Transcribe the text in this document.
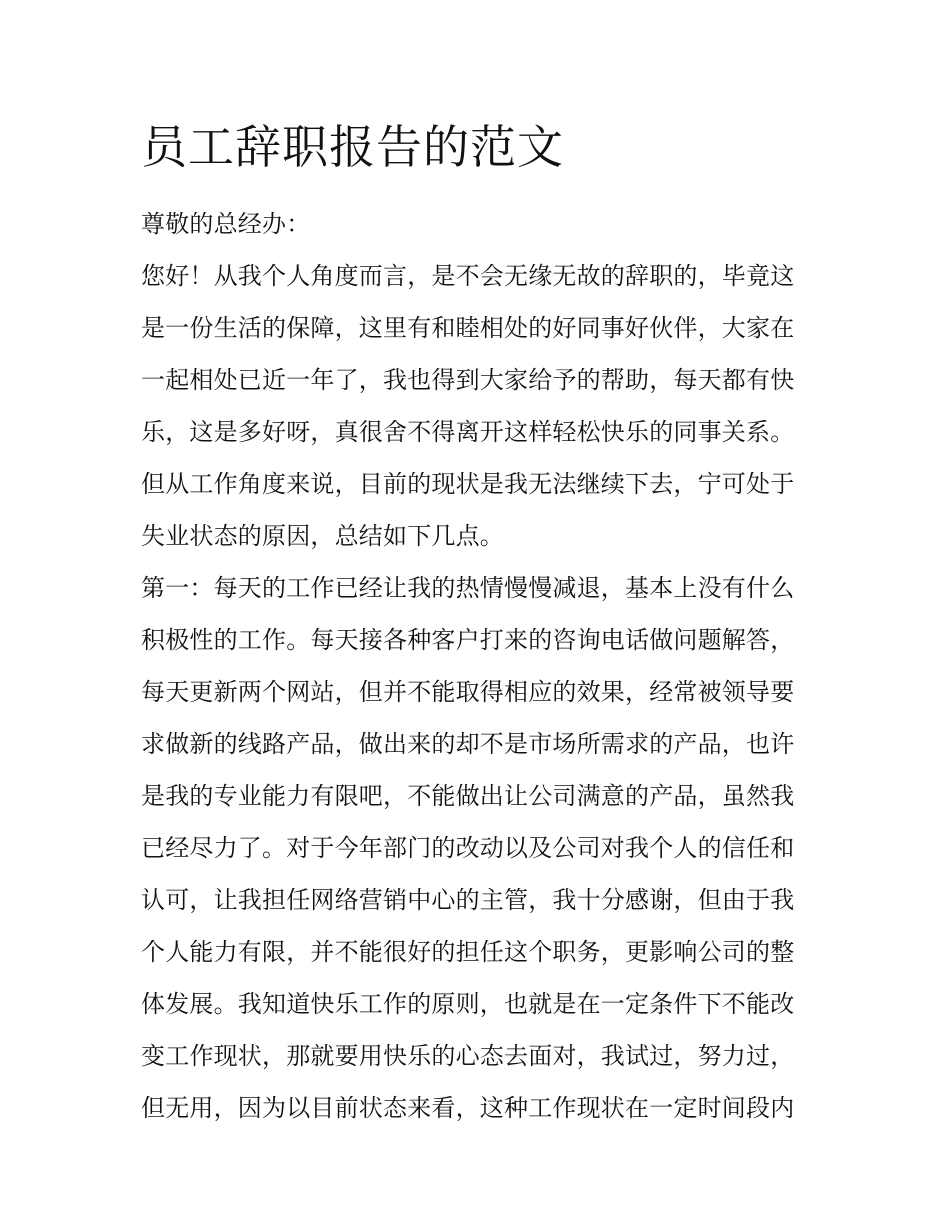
员工辞职报告的范文
尊敬的总经办：
您好！从我个人角度而言，是不会无缘无故的辞职的，毕竟这
是一份生活的保障，这里有和睦相处的好同事好伙伴，大家在
一起相处已近一年了，我也得到大家给予的帮助，每天都有快
乐，这是多好呀，真很舍不得离开这样轻松快乐的同事关系。
但从工作角度来说，目前的现状是我无法继续下去，宁可处于
失业状态的原因，总结如下几点。
第一：每天的工作已经让我的热情慢慢减退，基本上没有什么
积极性的工作。每天接各种客户打来的咨询电话做问题解答，
每天更新两个网站，但并不能取得相应的效果，经常被领导要
求做新的线路产品，做出来的却不是市场所需求的产品，也许
是我的专业能力有限吧，不能做出让公司满意的产品，虽然我
已经尽力了。对于今年部门的改动以及公司对我个人的信任和
认可，让我担任网络营销中心的主管，我十分感谢，但由于我
个人能力有限，并不能很好的担任这个职务，更影响公司的整
体发展。我知道快乐工作的原则，也就是在一定条件下不能改
变工作现状，那就要用快乐的心态去面对，我试过，努力过，
但无用，因为以目前状态来看，这种工作现状在一定时间段内
